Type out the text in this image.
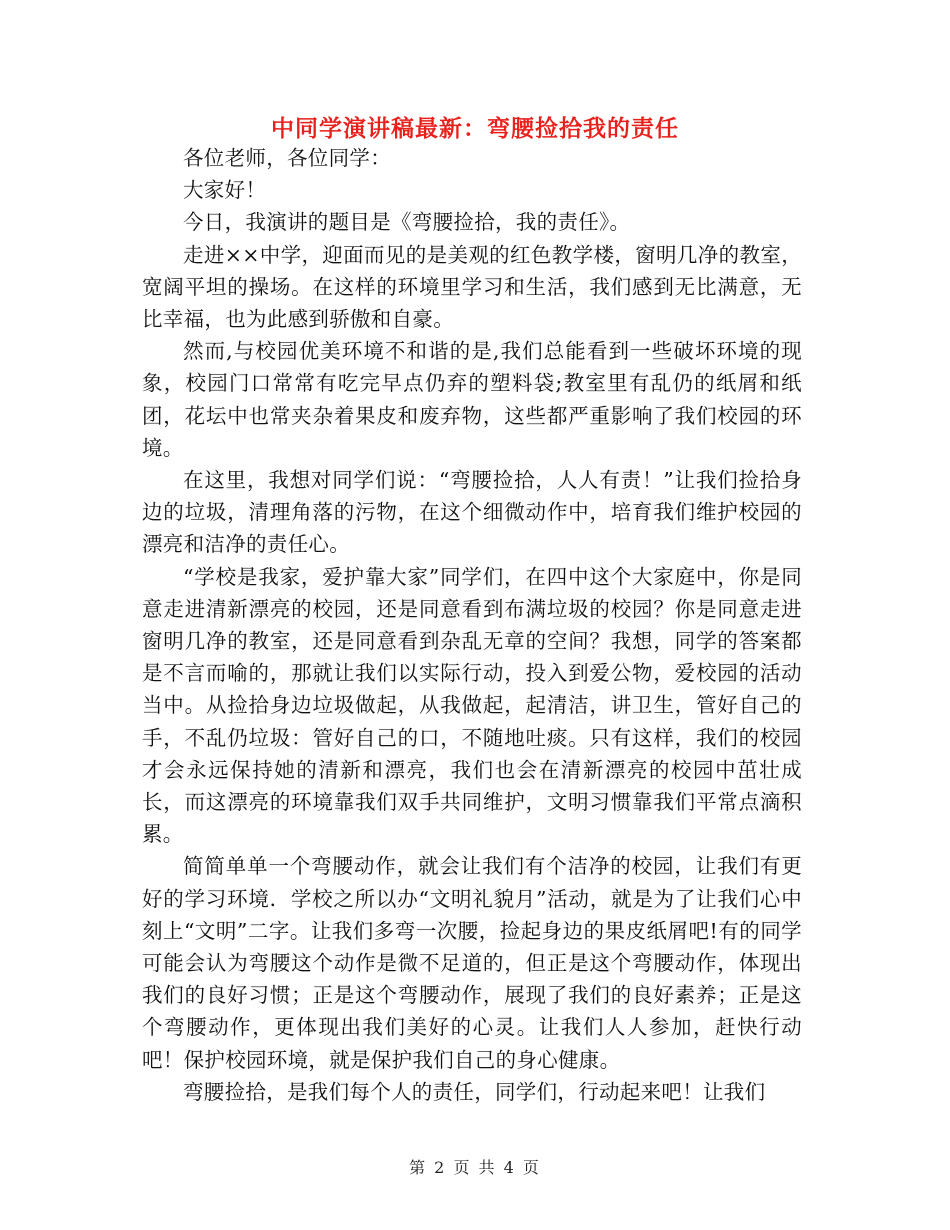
中同学演讲稿最新：弯腰捡拾我的责任

各位老师，各位同学：

大家好！

今日，我演讲的题目是《弯腰捡拾，我的责任》。

走进××中学，迎面而见的是美观的红色教学楼，窗明几净的教室，宽阔平坦的操场。在这样的环境里学习和生活，我们感到无比满意，无比幸福，也为此感到骄傲和自豪。

然而,与校园优美环境不和谐的是,我们总能看到一些破坏环境的现象，校园门口常常有吃完早点仍弃的塑料袋;教室里有乱仍的纸屑和纸团，花坛中也常夹杂着果皮和废弃物，这些都严重影响了我们校园的环境。

在这里，我想对同学们说：“弯腰捡拾，人人有责！”让我们捡拾身边的垃圾，清理角落的污物，在这个细微动作中，培育我们维护校园的漂亮和洁净的责任心。

“学校是我家，爱护靠大家”同学们，在四中这个大家庭中，你是同意走进清新漂亮的校园，还是同意看到布满垃圾的校园？你是同意走进窗明几净的教室，还是同意看到杂乱无章的空间？我想，同学的答案都是不言而喻的，那就让我们以实际行动，投入到爱公物，爱校园的活动当中。从捡拾身边垃圾做起，从我做起，起清洁，讲卫生，管好自己的手，不乱仍垃圾：管好自己的口，不随地吐痰。只有这样，我们的校园才会永远保持她的清新和漂亮，我们也会在清新漂亮的校园中茁壮成长，而这漂亮的环境靠我们双手共同维护，文明习惯靠我们平常点滴积累。

简简单单一个弯腰动作，就会让我们有个洁净的校园，让我们有更好的学习环境．学校之所以办“文明礼貌月”活动，就是为了让我们心中刻上“文明”二字。让我们多弯一次腰，捡起身边的果皮纸屑吧!有的同学可能会认为弯腰这个动作是微不足道的，但正是这个弯腰动作，体现出我们的良好习惯；正是这个弯腰动作，展现了我们的良好素养；正是这个弯腰动作，更体现出我们美好的心灵。让我们人人参加，赶快行动吧！保护校园环境，就是保护我们自己的身心健康。

弯腰捡拾，是我们每个人的责任，同学们，行动起来吧！让我们

第 2 页 共 4 页
